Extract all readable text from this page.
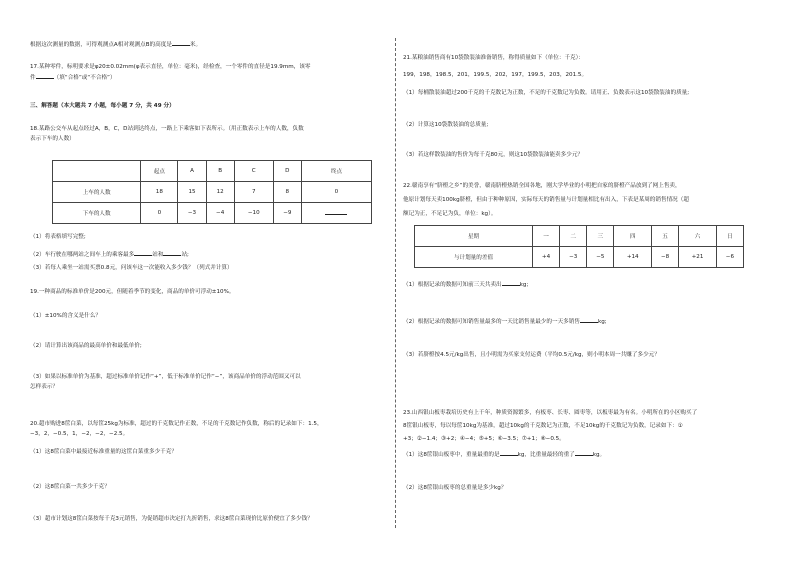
根据这次测量的数据，可得观测点A相对观测点B的高度是	米。
17.某种零件，标明要求是φ20±0.02mm(φ表示直径，单位：毫米)，经检查，一个零件的直径是19.9mm，该零
件	（填“合格”或“不合格”）
三、解答题（本大题共 7 小题，每小题 7 分，共 49 分）
18.某路公交车从起点经过A，B，C，D站到达终点，一路上下乘客如下表所示。（用正数表示上车的人数，负数
表示下车的人数）
	起点	A	B	C	D	终点
上车的人数	18	15	12	7	8	0
下车的人数	0	−3	−4	−10	−9	
（1）将表格填写完整;
（2）车行驶在哪两站之间车上的乘客最多	站和	站;
（3）若每人乘坐一站需买票0.8元，问该车这一次能收入多少钱？（列式并计算）
19.一种商品的标准单价是200元，但随着季节的变化，商品的单价可浮动±10%。
（1）±10%的含义是什么？
（2）请计算出该商品的最高单价和最低单价;
（3）如果以标准单价为基准，超过标准单价记作“+”，低于标准单价记作“−”，该商品单价的浮动范围又可以
怎样表示？
20.超市购进8筐白菜，以每筐25kg为标准，超过的千克数记作正数，不足的千克数记作负数，称后的记录如下：1.5，
−3，2，−0.5，1，−2，−2，−2.5。
（1）这8筐白菜中最接近标准重量的这筐白菜重多少千克？
（2）这8筐白菜一共多少千克？
（3）超市计划这8筐白菜按每千克3元销售，为促销超市决定打九折销售，求这8筐白菜现价比原价便宜了多少钱？
21.某粮油销售商有10袋散装油准备销售，称得质量如下（单位：千克）：
199，198，198.5，201，199.5，202，197，199.5，203，201.5。
（1）每桶散装油超过200千克的千克数记为正数，不足的千克数记为负数。请用正、负数表示这10袋散装油的质量;
（2）计算这10袋散装油的总质量;
（3）若这样散装油的售价为每千克80元，则这10袋散装油能卖多少元？
22.赣南享有“脐橙之乡”的美誉，赣南脐橙热销全国各地，刚大学毕业的小明把自家的脐橙产品放到了网上售卖，
他原计划每天卖100kg脐橙，但由于种种原因，实际每天的销售量与计划量相比有出入，下表是某周的销售情况（超
额记为正，不足记为负，单位：kg）。
星期	一	二	三	四	五	六	日
与计划量的差值	+4	−3	−5	+14	−8	+21	−6
（1）根据记录的数据可知前三天共卖出	kg;
（2）根据记录的数据可知销售量最多的一天比销售量最少的一天多销售	kg;
（3）若脐橙按4.5元/kg出售，且小明需为买家支付运费（平均0.5元/kg，则小明本周一共赚了多少元？
23.山西银山板枣栽培历史有上千年，种质资源繁多，有板枣、长枣、圆枣等，以板枣最为有名。小明所在的小区购买了
8筐银山板枣，每以每筐10kg为基准，超过10kg的千克数记为正数，不足10kg的千克数记为负数，记录如下：①
+3；②−1.4；③+2；④−4；⑤+5；⑥−3.5；⑦+1；⑧−0.5。
（1）这8筐银山板枣中，重量最重的是	kg，比重量最轻的重了	kg。
（2）这8筐银山板枣的总重量是多少kg？
